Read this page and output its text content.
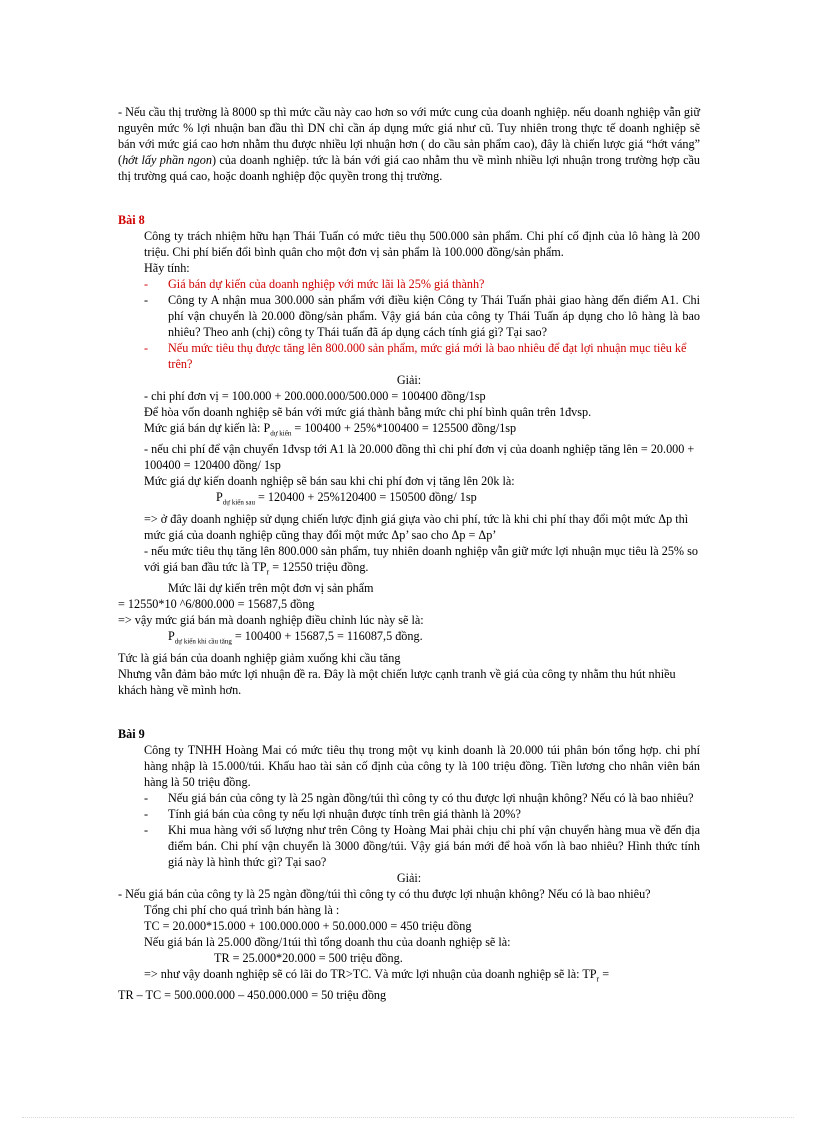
- Nếu cầu thị trường là 8000 sp thì mức cầu này cao hơn so với mức cung của doanh nghiệp. nếu doanh nghiệp vẫn giữ nguyên mức % lợi nhuận ban đầu thì DN chỉ cần áp dụng mức giá như cũ. Tuy nhiên trong thực tế doanh nghiệp sẽ bán với mức giá cao hơn nhằm thu được nhiều lợi nhuận hơn ( do cầu sản phẩm cao), đây là chiến lược giá “hớt váng” (hớt lấy phần ngon) của doanh nghiệp. tức là bán với giá cao nhằm thu về mình nhiều lợi nhuận trong trường hợp cầu thị trường quá cao, hoặc doanh nghiệp độc quyền trong thị trường.

Bài 8

Công ty trách nhiệm hữu hạn Thái Tuấn có mức tiêu thụ 500.000 sản phẩm. Chi phí cố định của lô hàng là 200 triệu. Chi phí biến đổi bình quân cho một đơn vị sản phẩm là 100.000 đồng/sản phẩm.

Hãy tính:

- Giá bán dự kiến của doanh nghiệp với mức lãi là 25% giá thành?
- Công ty A nhận mua 300.000 sản phẩm với điều kiện Công ty Thái Tuấn phải giao hàng đến điểm A1. Chi phí vận chuyển là 20.000 đồng/sản phẩm. Vậy giá bán của công ty Thái Tuấn áp dụng cho lô hàng là bao nhiêu? Theo anh (chị) công ty Thái tuấn đã áp dụng cách tính giá gì? Tại sao?
- Nếu mức tiêu thụ được tăng lên 800.000 sản phẩm, mức giá mới là bao nhiêu để đạt lợi nhuận mục tiêu kể trên?

Giải:

- chi phí đơn vị = 100.000 + 200.000.000/500.000 = 100400 đồng/1sp

Để hòa vốn doanh nghiệp sẽ bán với mức giá thành bằng mức chi phí bình quân trên 1đvsp.

Mức giá bán dự kiến là: $P_{dự kiến} = 100400 + 25\%*100400 = 125500$ đồng/1sp

- nếu chi phí để vận chuyển 1đvsp tới A1 là 20.000 đồng thì chi phí đơn vị của doanh nghiệp tăng lên = 20.000 + 100400 = 120400 đồng/ 1sp

Mức giá dự kiến doanh nghiệp sẽ bán sau khi chi phí đơn vị tăng lên 20k là:

$P_{dự kiến sau} = 120400 + 25\%120400 = 150500$ đồng/ 1sp

=> ở đây doanh nghiệp sử dụng chiến lược định giá giựa vào chi phí, tức là khi chi phí thay đổi một mức Δp thì mức giá của doanh nghiệp cũng thay đổi một mức Δp’ sao cho Δp = Δp’

- nếu mức tiêu thụ tăng lên 800.000 sản phẩm, tuy nhiên doanh nghiệp vẫn giữ mức lợi nhuận mục tiêu là 25% so với giá ban đầu tức là $TP_r = 12550$ triệu đồng.

Mức lãi dự kiến trên một đơn vị sản phẩm

= 12550*10 ^6/800.000 = 15687,5 đồng

=> vậy mức giá bán mà doanh nghiệp điều chỉnh lúc này sẽ là:

$P_{dự kiến khi cầu tăng} = 100400 + 15687,5 = 116087,5$ đồng.

Tức là giá bán của doanh nghiệp giảm xuống khi cầu tăng

Nhưng vẫn đảm bảo mức lợi nhuận đề ra. Đây là một chiến lược cạnh tranh về giá của công ty nhằm thu hút nhiều khách hàng về mình hơn.

Bài 9

Công ty TNHH Hoàng Mai có mức tiêu thụ trong một vụ kinh doanh là 20.000 túi phân bón tổng hợp. chi phí hàng nhập là 15.000/túi. Khấu hao tài sản cố định của công ty là 100 triệu đồng. Tiền lương cho nhân viên bán hàng là 50 triệu đồng.

- Nếu giá bán của công ty là 25 ngàn đồng/túi thì công ty có thu được lợi nhuận không? Nếu có là bao nhiêu?
- Tính giá bán của công ty nếu lợi nhuận được tính trên giá thành là 20%?
- Khi mua hàng với số lượng như trên Công ty Hoàng Mai phải chịu chi phí vận chuyển hàng mua về đến địa điểm bán. Chi phí vận chuyển là 3000 đồng/túi. Vậy giá bán mới để hoà vốn là bao nhiêu? Hình thức tính giá này là hình thức gì? Tại sao?

Giải:

- Nếu giá bán của công ty là 25 ngàn đồng/túi thì công ty có thu được lợi nhuận không? Nếu có là bao nhiêu?

Tổng chi phí cho quá trình bán hàng là :

TC = 20.000*15.000 + 100.000.000 + 50.000.000 = 450 triệu đồng

Nếu giá bán là 25.000 đồng/1túi thì tổng doanh thu của doanh nghiệp sẽ là:

TR = 25.000*20.000 = 500 triệu đồng.

=> như vậy doanh nghiệp sẽ có lãi do TR>TC. Và mức lợi nhuận của doanh nghiệp sẽ là: $TP_r$ =

TR – TC = 500.000.000 – 450.000.000 = 50 triệu đồng
